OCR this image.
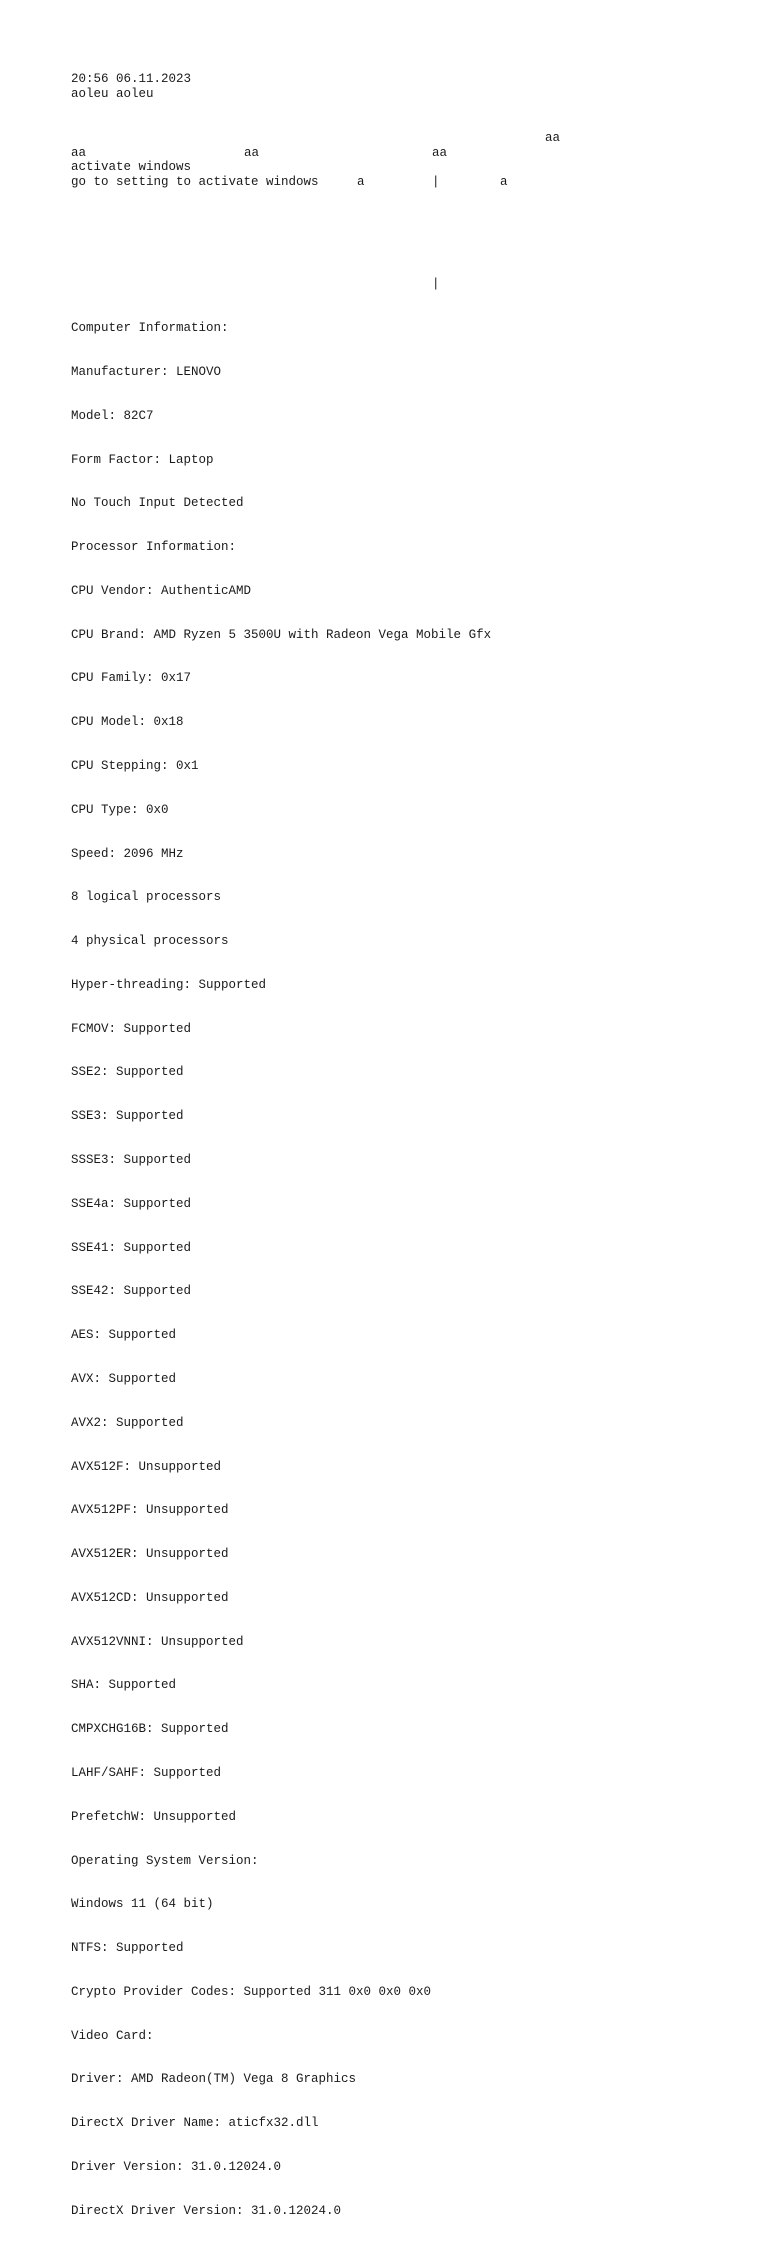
20:56 06.11.2023

aoleu aoleu

aa

aa

	aa

	aa

activate windows

go to setting to activate windows

	a

	|

	a

|

Computer Information:

Manufacturer: LENOVO

Model: 82C7

Form Factor: Laptop

No Touch Input Detected

Processor Information:

CPU Vendor: AuthenticAMD

CPU Brand: AMD Ryzen 5 3500U with Radeon Vega Mobile Gfx

CPU Family: 0x17

CPU Model: 0x18

CPU Stepping: 0x1

CPU Type: 0x0

Speed: 2096 MHz

8 logical processors

4 physical processors

Hyper-threading: Supported

FCMOV: Supported

SSE2: Supported

SSE3: Supported

SSSE3: Supported

SSE4a: Supported

SSE41: Supported

SSE42: Supported

AES: Supported

AVX: Supported

AVX2: Supported

AVX512F: Unsupported

AVX512PF: Unsupported

AVX512ER: Unsupported

AVX512CD: Unsupported

AVX512VNNI: Unsupported

SHA: Supported

CMPXCHG16B: Supported

LAHF/SAHF: Supported

PrefetchW: Unsupported

Operating System Version:

Windows 11 (64 bit)

NTFS: Supported

Crypto Provider Codes: Supported 311 0x0 0x0 0x0

Video Card:

Driver: AMD Radeon(TM) Vega 8 Graphics

DirectX Driver Name: aticfx32.dll

Driver Version: 31.0.12024.0

DirectX Driver Version: 31.0.12024.0
